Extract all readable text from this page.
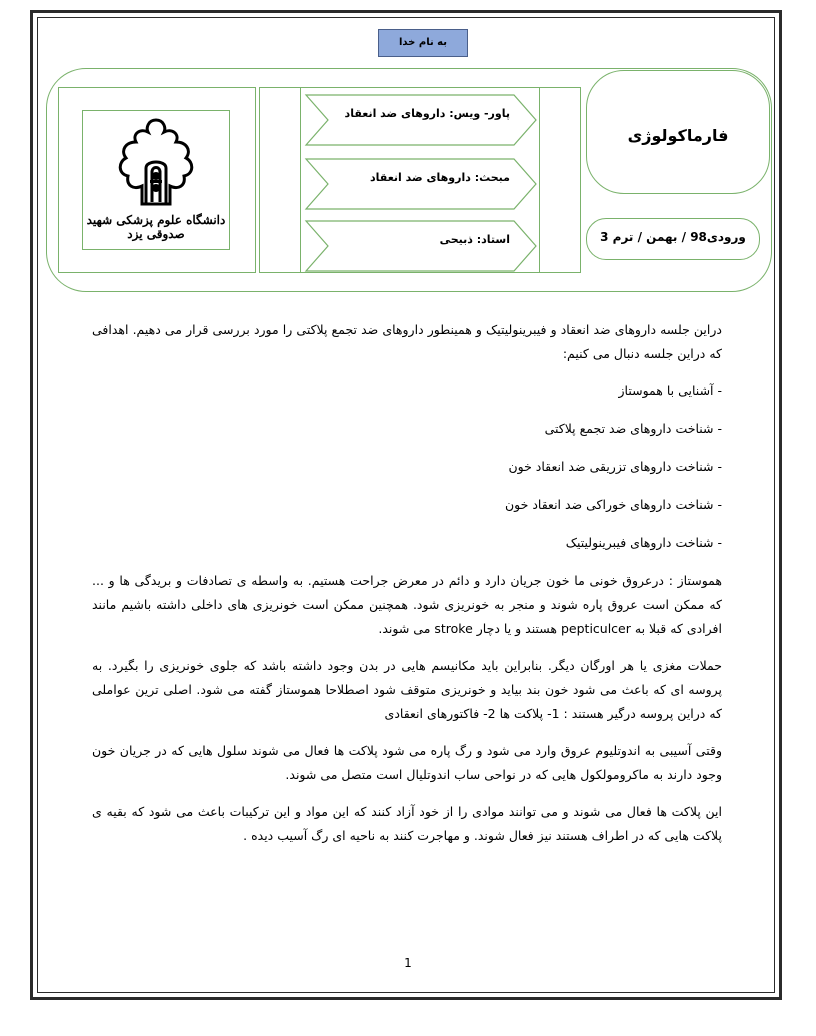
به نام خدا
دانشگاه علوم پزشکی شهید صدوقی یزد
پاور- ویس: داروهای ضد انعقاد
مبحث: داروهای ضد انعقاد
استاد: ذبیحی
فارماکولوژی
ورودی98 / بهمن / ترم 3

دراین جلسه داروهای ضد انعقاد و فیبرینولیتیک و همینطور داروهای ضد تجمع پلاکتی را مورد بررسی قرار می دهیم. اهدافی که دراین جلسه دنبال می کنیم:

- آشنایی با هموستاز

- شناخت داروهای ضد تجمع پلاکتی

- شناخت داروهای تزریقی ضد انعقاد خون

- شناخت داروهای خوراکی ضد انعقاد خون

- شناخت داروهای فیبرینولیتیک

هموستاز : درعروق خونی ما خون جریان دارد و دائم در معرض جراحت هستیم. به واسطه ی تصادفات و بریدگی ها و ... که ممکن است عروق پاره شوند و منجر به خونریزی شود. همچنین ممکن است خونریزی های داخلی داشته باشیم مانند افرادی که قبلا به pepticulcer هستند و یا دچار stroke می شوند.

حملات مغزی یا هر اورگان دیگر. بنابراین باید مکانیسم هایی در بدن وجود داشته باشد که جلوی خونریزی را بگیرد. به پروسه ای که باعث می شود خون بند بیاید و خونریزی متوقف شود اصطلاحا هموستاز گفته می شود. اصلی ترین عواملی که دراین پروسه درگیر هستند : 1- پلاکت ها 2- فاکتورهای انعقادی

وقتی آسیبی به اندوتلیوم عروق وارد می شود و رگ پاره می شود پلاکت ها فعال می شوند سلول هایی که در جریان خون وجود دارند به ماکرومولکول هایی که در نواحی ساب اندوتلیال است متصل می شوند.

این پلاکت ها فعال می شوند و می توانند موادی را از خود آزاد کنند که این مواد و این ترکیبات باعث می شود که بقیه ی پلاکت هایی که در اطراف هستند نیز فعال شوند. و مهاجرت کنند به ناحیه ای رگ آسیب دیده .

1
